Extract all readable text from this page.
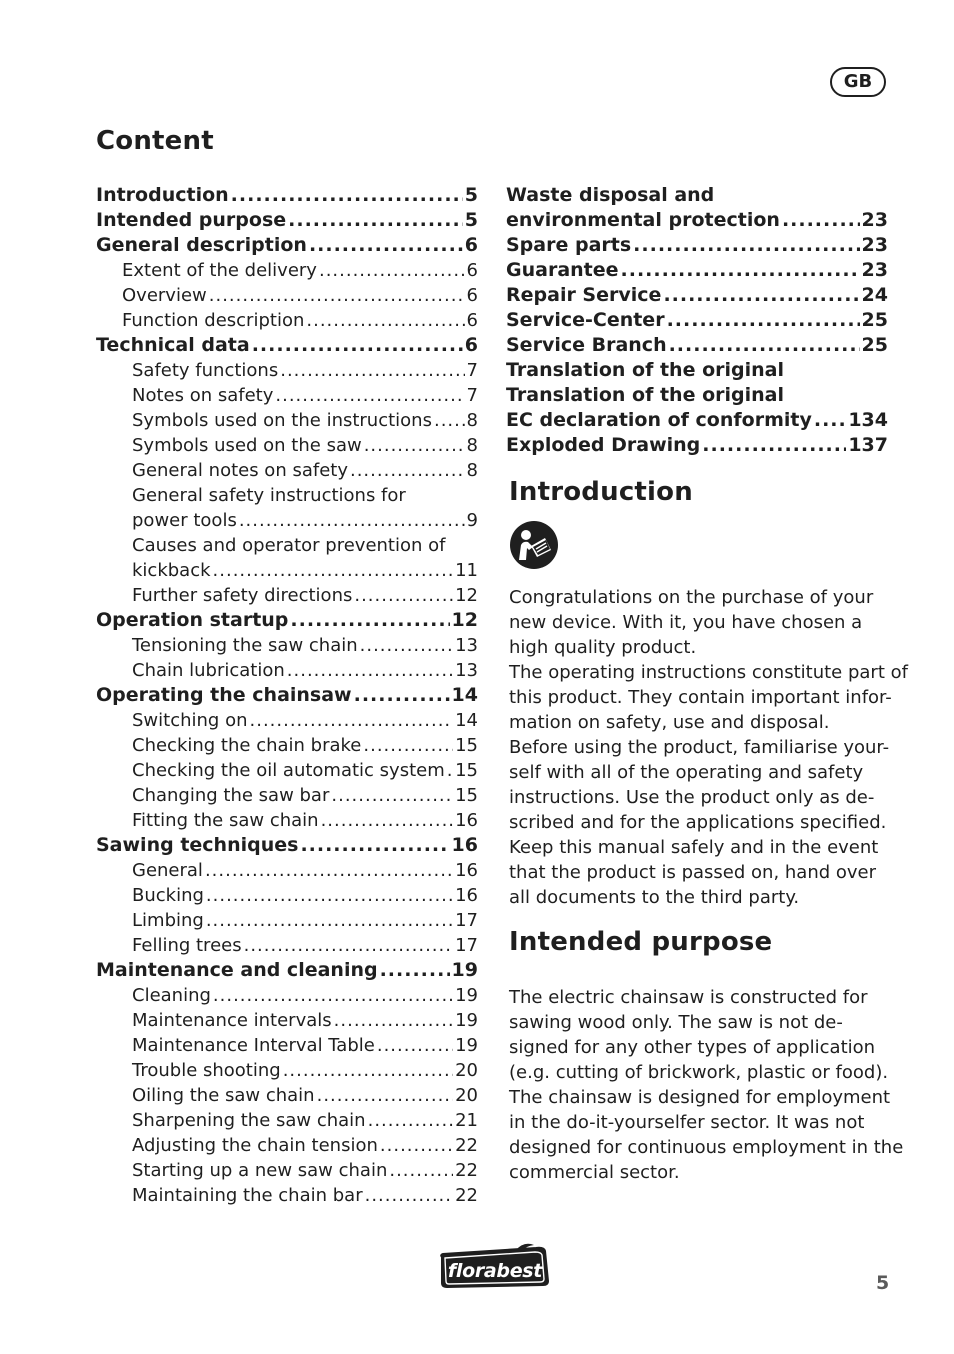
GB
Content
Introduction .....	5
Intended purpose .....	5
General description .....	6
Extent of the delivery .....	6
Overview .....	6
Function description .....	6
Technical data .....	6
Safety functions .....	7
Notes on safety .....	7
Symbols used on the instructions ..... 8
Symbols used on the saw .....	8
General notes on safety .....	8
General safety instructions for
power tools .....	9
Causes and operator prevention of
kickback .....	11
Further safety directions .....	12
Operation startup .....	12
Tensioning the saw chain .....	13
Chain lubrication .....	13
Operating the chainsaw .....	14
Switching on .....	14
Checking the chain brake .....	15
Checking the oil automatic system ..... 15
Changing the saw bar .....	15
Fitting the saw chain .....	16
Sawing techniques .....	16
General .....	16
Bucking .....	16
Limbing .....	17
Felling trees .....	17
Maintenance and cleaning .....	19
Cleaning .....	19
Maintenance intervals .....	19
Maintenance Interval Table .....	19
Trouble shooting .....	20
Oiling the saw chain .....	20
Sharpening the saw chain .....	21
Adjusting the chain tension .....	22
Starting up a new saw chain .....	22
Maintaining the chain bar .....	22
Waste disposal and
environmental protection .....	23
Spare parts .....	23
Guarantee .....	23
Repair Service .....	24
Service-Center .....	25
Service Branch .....	25
Translation of the original
Translation of the original
EC declaration of conformity ..... 134
Exploded Drawing .....	137
Introduction
Congratulations on the purchase of your
new device. With it, you have chosen a
high quality product.
The operating instructions constitute part of
this product. They contain important infor-
mation on safety, use and disposal.
Before using the product, familiarise your-
self with all of the operating and safety
instructions. Use the product only as de-
scribed and for the applications specified.
Keep this manual safely and in the event
that the product is passed on, hand over
all documents to the third party.
Intended purpose
The electric chainsaw is constructed for
sawing wood only. The saw is not de-
signed for any other types of application
(e.g. cutting of brickwork, plastic or food).
The chainsaw is designed for employment
in the do-it-yourselfer sector. It was not
designed for continuous employment in the
commercial sector.
florabest
5
